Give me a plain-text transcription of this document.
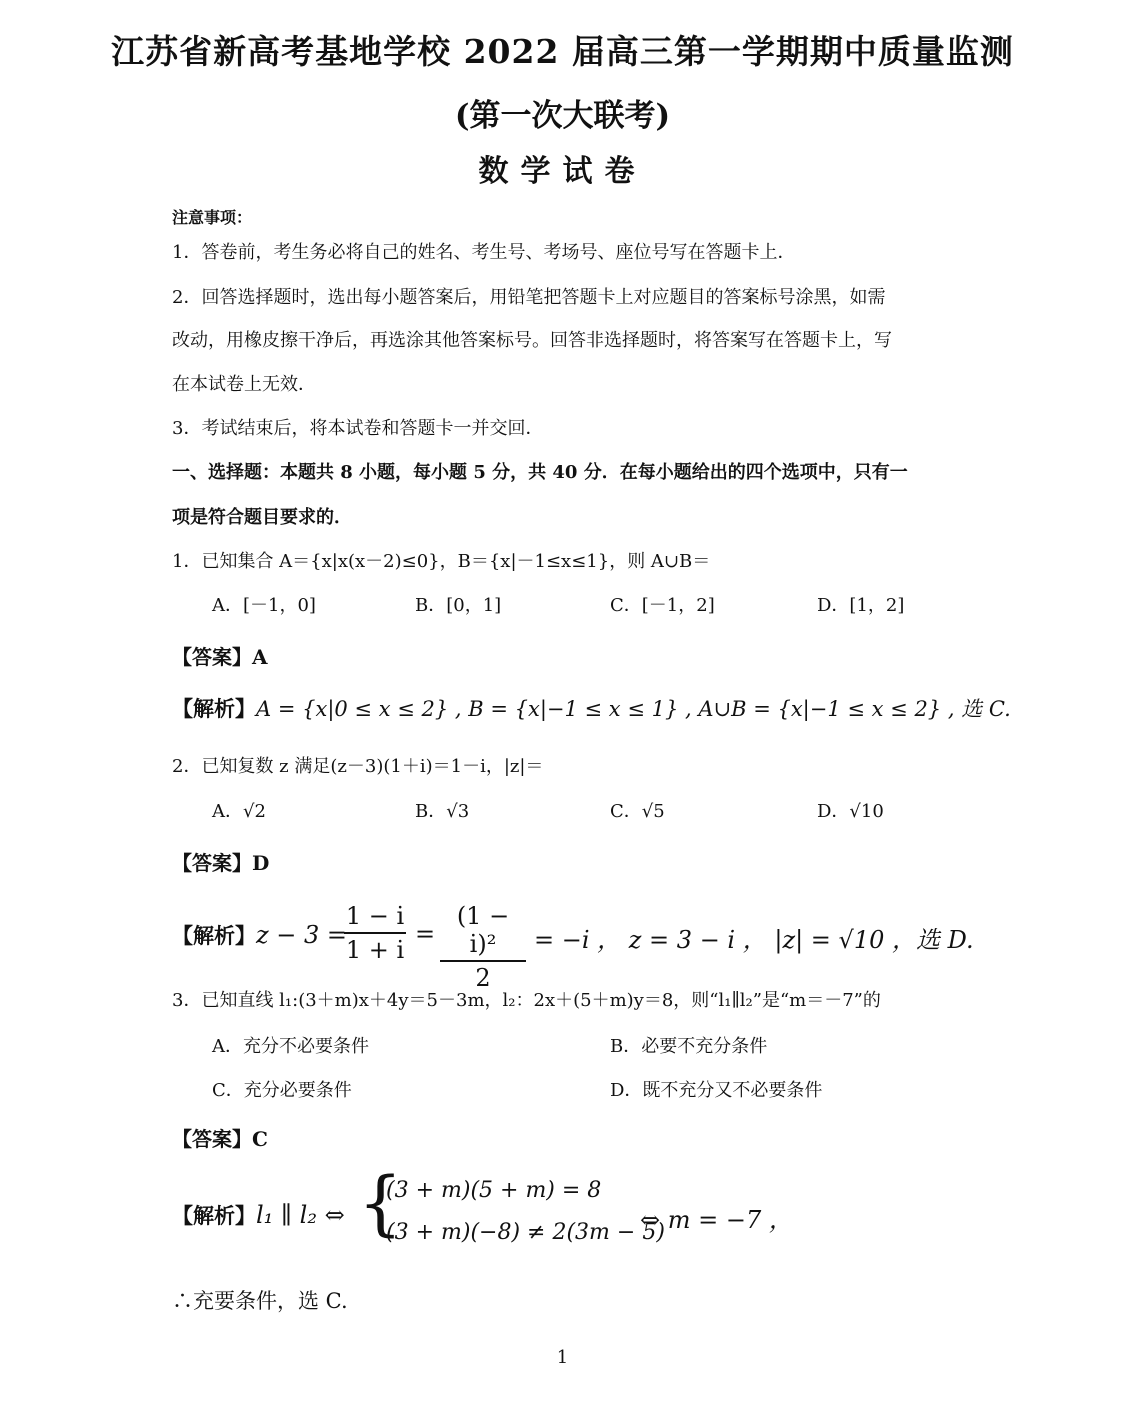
江苏省新高考基地学校 2022 届高三第一学期期中质量监测
(第一次大联考)
数学试卷
注意事项：
1．答卷前，考生务必将自己的姓名、考生号、考场号、座位号写在答题卡上．
2．回答选择题时，选出每小题答案后，用铅笔把答题卡上对应题目的答案标号涂黑，如需
改动，用橡皮擦干净后，再选涂其他答案标号。回答非选择题时，将答案写在答题卡上，写
在本试卷上无效．
3．考试结束后，将本试卷和答题卡一并交回．
一、选择题：本题共 8 小题，每小题 5 分，共 40 分．在每小题给出的四个选项中，只有一
项是符合题目要求的．
1．已知集合 A＝{x|x(x－2)≤0}，B＝{x|－1≤x≤1}，则 A∪B＝
A．[－1，0]	B．[0，1]	C．[－1，2]	D．[1，2]
【答案】A
【解析】A = {x|0 ≤ x ≤ 2} , B = {x|−1 ≤ x ≤ 1} , A∪B = {x|−1 ≤ x ≤ 2} , 选 C.
2．已知复数 z 满足(z－3)(1＋i)＝1－i，|z|＝
A．√2	B．√3	C．√5	D．√10
【答案】D
【解析】z − 3 =
1 − i
1 + i
=
(1 − i)²
2
= −i ， z = 3 − i ， |z| = √10 ，选 D.
3．已知直线 l₁:(3＋m)x＋4y＝5－3m，l₂：2x＋(5＋m)y＝8，则“l₁∥l₂”是“m＝－7”的
A．充分不必要条件	B．必要不充分条件
C．充分必要条件	D．既不充分又不必要条件
【答案】C
【解析】l₁ ∥ l₂ ⇔ {
(3 + m)(5 + m) = 8
(3 + m)(−8) ≠ 2(3m − 5)
⇔ m = −7 ，
∴充要条件，选 C.
1
